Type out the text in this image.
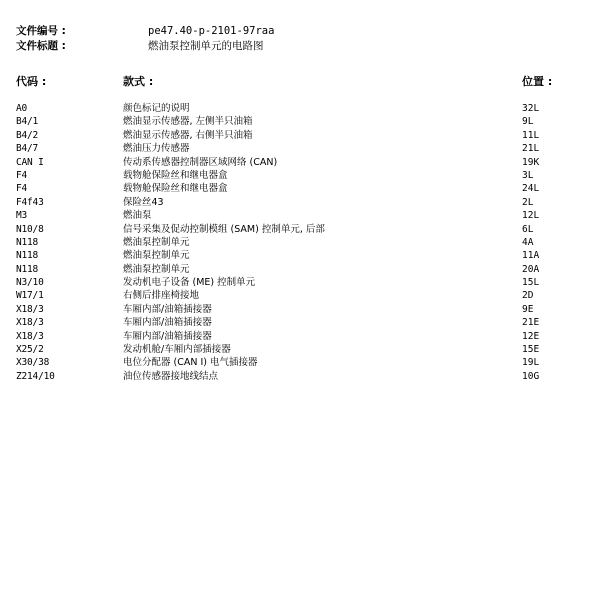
文件编号 :	pe47.40-p-2101-97raa
文件标题 :	燃油泵控制单元的电路图
代码 :	款式 :	位置 :
A0	颜色标记的说明	32L
B4/1	燃油显示传感器, 左侧半只油箱	9L
B4/2	燃油显示传感器, 右侧半只油箱	11L
B4/7	燃油压力传感器	21L
CAN I	传动系传感器控制器区域网络 (CAN)	19K
F4	载物舱保险丝和继电器盒	3L
F4	载物舱保险丝和继电器盒	24L
F4f43	保险丝43	2L
M3	燃油泵	12L
N10/8	信号采集及促动控制模组 (SAM) 控制单元, 后部	6L
N118	燃油泵控制单元	4A
N118	燃油泵控制单元	11A
N118	燃油泵控制单元	20A
N3/10	发动机电子设备 (ME) 控制单元	15L
W17/1	右侧后排座椅接地	2D
X18/3	车厢内部/油箱插接器	9E
X18/3	车厢内部/油箱插接器	21E
X18/3	车厢内部/油箱插接器	12E
X25/2	发动机舱/车厢内部插接器	15E
X30/38	电位分配器 (CAN I) 电气插接器	19L
Z214/10	油位传感器接地线结点	10G
